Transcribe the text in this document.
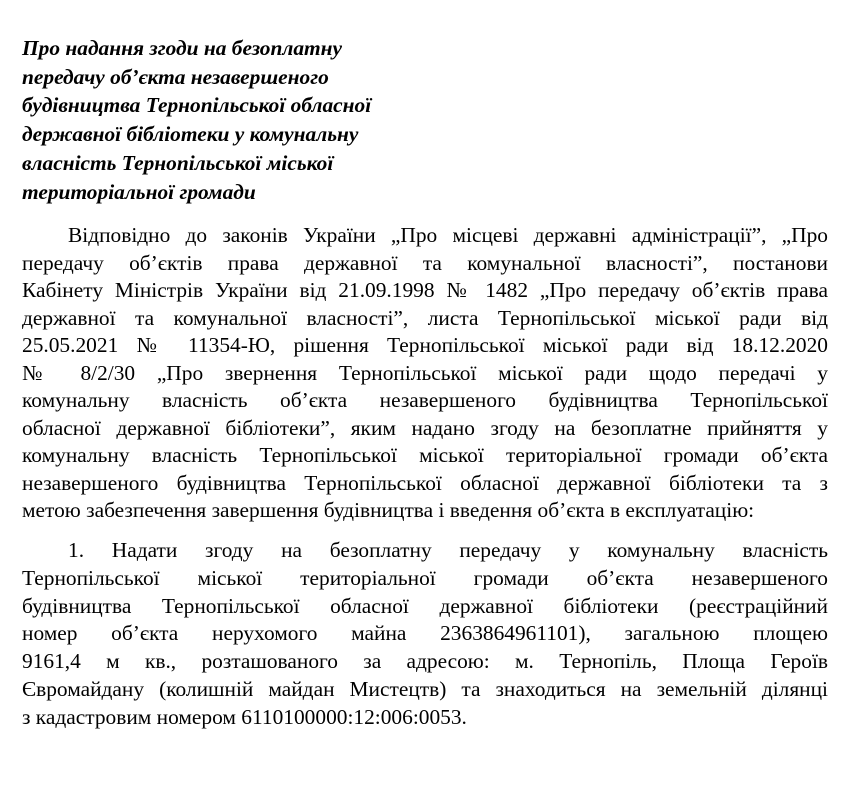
Про надання згоди на безоплатну
передачу об’єкта незавершеного
будівництва Тернопільської обласної
державної бібліотеки у комунальну
власність Тернопільської міської
територіальної громади

Відповідно до законів України „Про місцеві державні адміністрації”, „Про
передачу об’єктів права державної та комунальної власності”, постанови
Кабінету Міністрів України від 21.09.1998 № 1482 „Про передачу об’єктів права
державної та комунальної власності”, листа Тернопільської міської ради від
25.05.2021 № 11354-Ю, рішення Тернопільської міської ради від 18.12.2020
№ 8/2/30 „Про звернення Тернопільської міської ради щодо передачі у
комунальну власність об’єкта незавершеного будівництва Тернопільської
обласної державної бібліотеки”, яким надано згоду на безоплатне прийняття у
комунальну власність Тернопільської міської територіальної громади об’єкта
незавершеного будівництва Тернопільської обласної державної бібліотеки та з
метою забезпечення завершення будівництва і введення об’єкта в експлуатацію:

1. Надати згоду на безоплатну передачу у комунальну власність
Тернопільської міської територіальної громади об’єкта незавершеного
будівництва Тернопільської обласної державної бібліотеки (реєстраційний
номер об’єкта нерухомого майна 2363864961101), загальною площею
9161,4 м кв., розташованого за адресою: м. Тернопіль, Площа Героїв
Євромайдану (колишній майдан Мистецтв) та знаходиться на земельній ділянці
з кадастровим номером 6110100000:12:006:0053.
